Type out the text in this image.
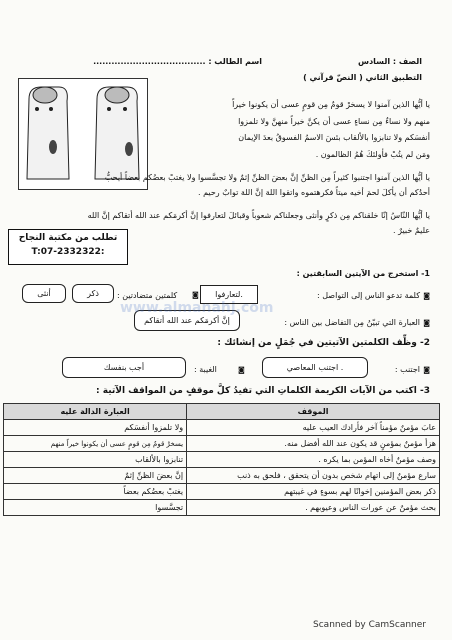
الصف : السادس
اسم الطالب : .....................................
التطبيق الثاني ( النصّ قرآني )
يا أيُّها الذين آمنوا لا يسخرْ قومٌ مِن قومٍ عسى أن يكونوا خيراً
منهم ولا نساءٌ مِن نساءٍ عسى أن يكنَّ خيراً منهنَّ ولا تلمزوا
أنفسَكم ولا تنابزوا بالألقاب بئسَ الاسمُ الفسوقُ بعدَ الإيمان
ومَن لم يتُبْ فأولئكَ هُمُ الظالمون .
يا أيُّها الذين آمنوا اجتنبوا كثيراً مِن الظنِّ إنَّ بعضَ الظنِّ إثمٌ ولا تجسَّسوا ولا يغتبْ بعضُكم بعضاً أيحبُّ
أحدُكم أن يأكلَ لحمَ أخيه ميتاً فكرهتموه واتقوا اللهَ إنَّ اللهَ توابٌ رحيم .
يا أيُّها النّاسُ إنّا خلقناكم مِن ذكرٍ وأنثى وجعلناكم شعوباً وقبائلَ لتعارفوا إنَّ أكرمَكم عند الله أتقاكم إنَّ الله
عليمٌ خبيرٌ .
تطلب من مكتبة النجاح
T:07-2332322:
1- استخرج من الآيتين السابقتين :
◙
كلمة تدعو الناس إلى التواصل :
لتعارفوا.
◙
كلمتين متضادتين :
ذكر
أنثى
◙
العبارة التي تبيّنُ مِن التفاضل بين الناس :
إنَّ أكرمَكم عند الله أتقاكم
www.almanahj.com
2- وظِّف الكلمتين الآتيتين في جُمَلٍ من إنشائك :
◙
اجتنب :
اجتنب المعاصي .
◙
الغيبة :
أجب بنفسك
3- اكتب من الآيات الكريمة الكلماتِ التي تفيدُ كلَّ موقفٍ من المواقف الآتية :
الموقف	العبارة الدالة عليه
عابَ مؤمنٌ مؤمناً آخر فأرادك العيب عليه	ولا تلمزوا أنفسَكم
هزأ مؤمنٌ بمؤمنٍ قد يكون عند الله أفضل منه.	يسخرْ قومٌ مِن قومٍ عسى أن يكونوا خيراً منهم
وصف مؤمنٌ أخاه المؤمن بما يكره .	تنابزوا بالألقاب
سارع مؤمنٌ إلى اتهام شخص بدون أن يتحقق ، فلحق به ذنب	إنَّ بعضَ الظنِّ إثمٌ
ذكر بعض المؤمنين إخوانًا لهم بسوءٍ في غيبتهم	يغتبْ بعضُكم بعضاً
بحث مؤمنٌ عن عورات الناس وعيوبهم .	تجسَّسوا
Scanned by CamScanner
